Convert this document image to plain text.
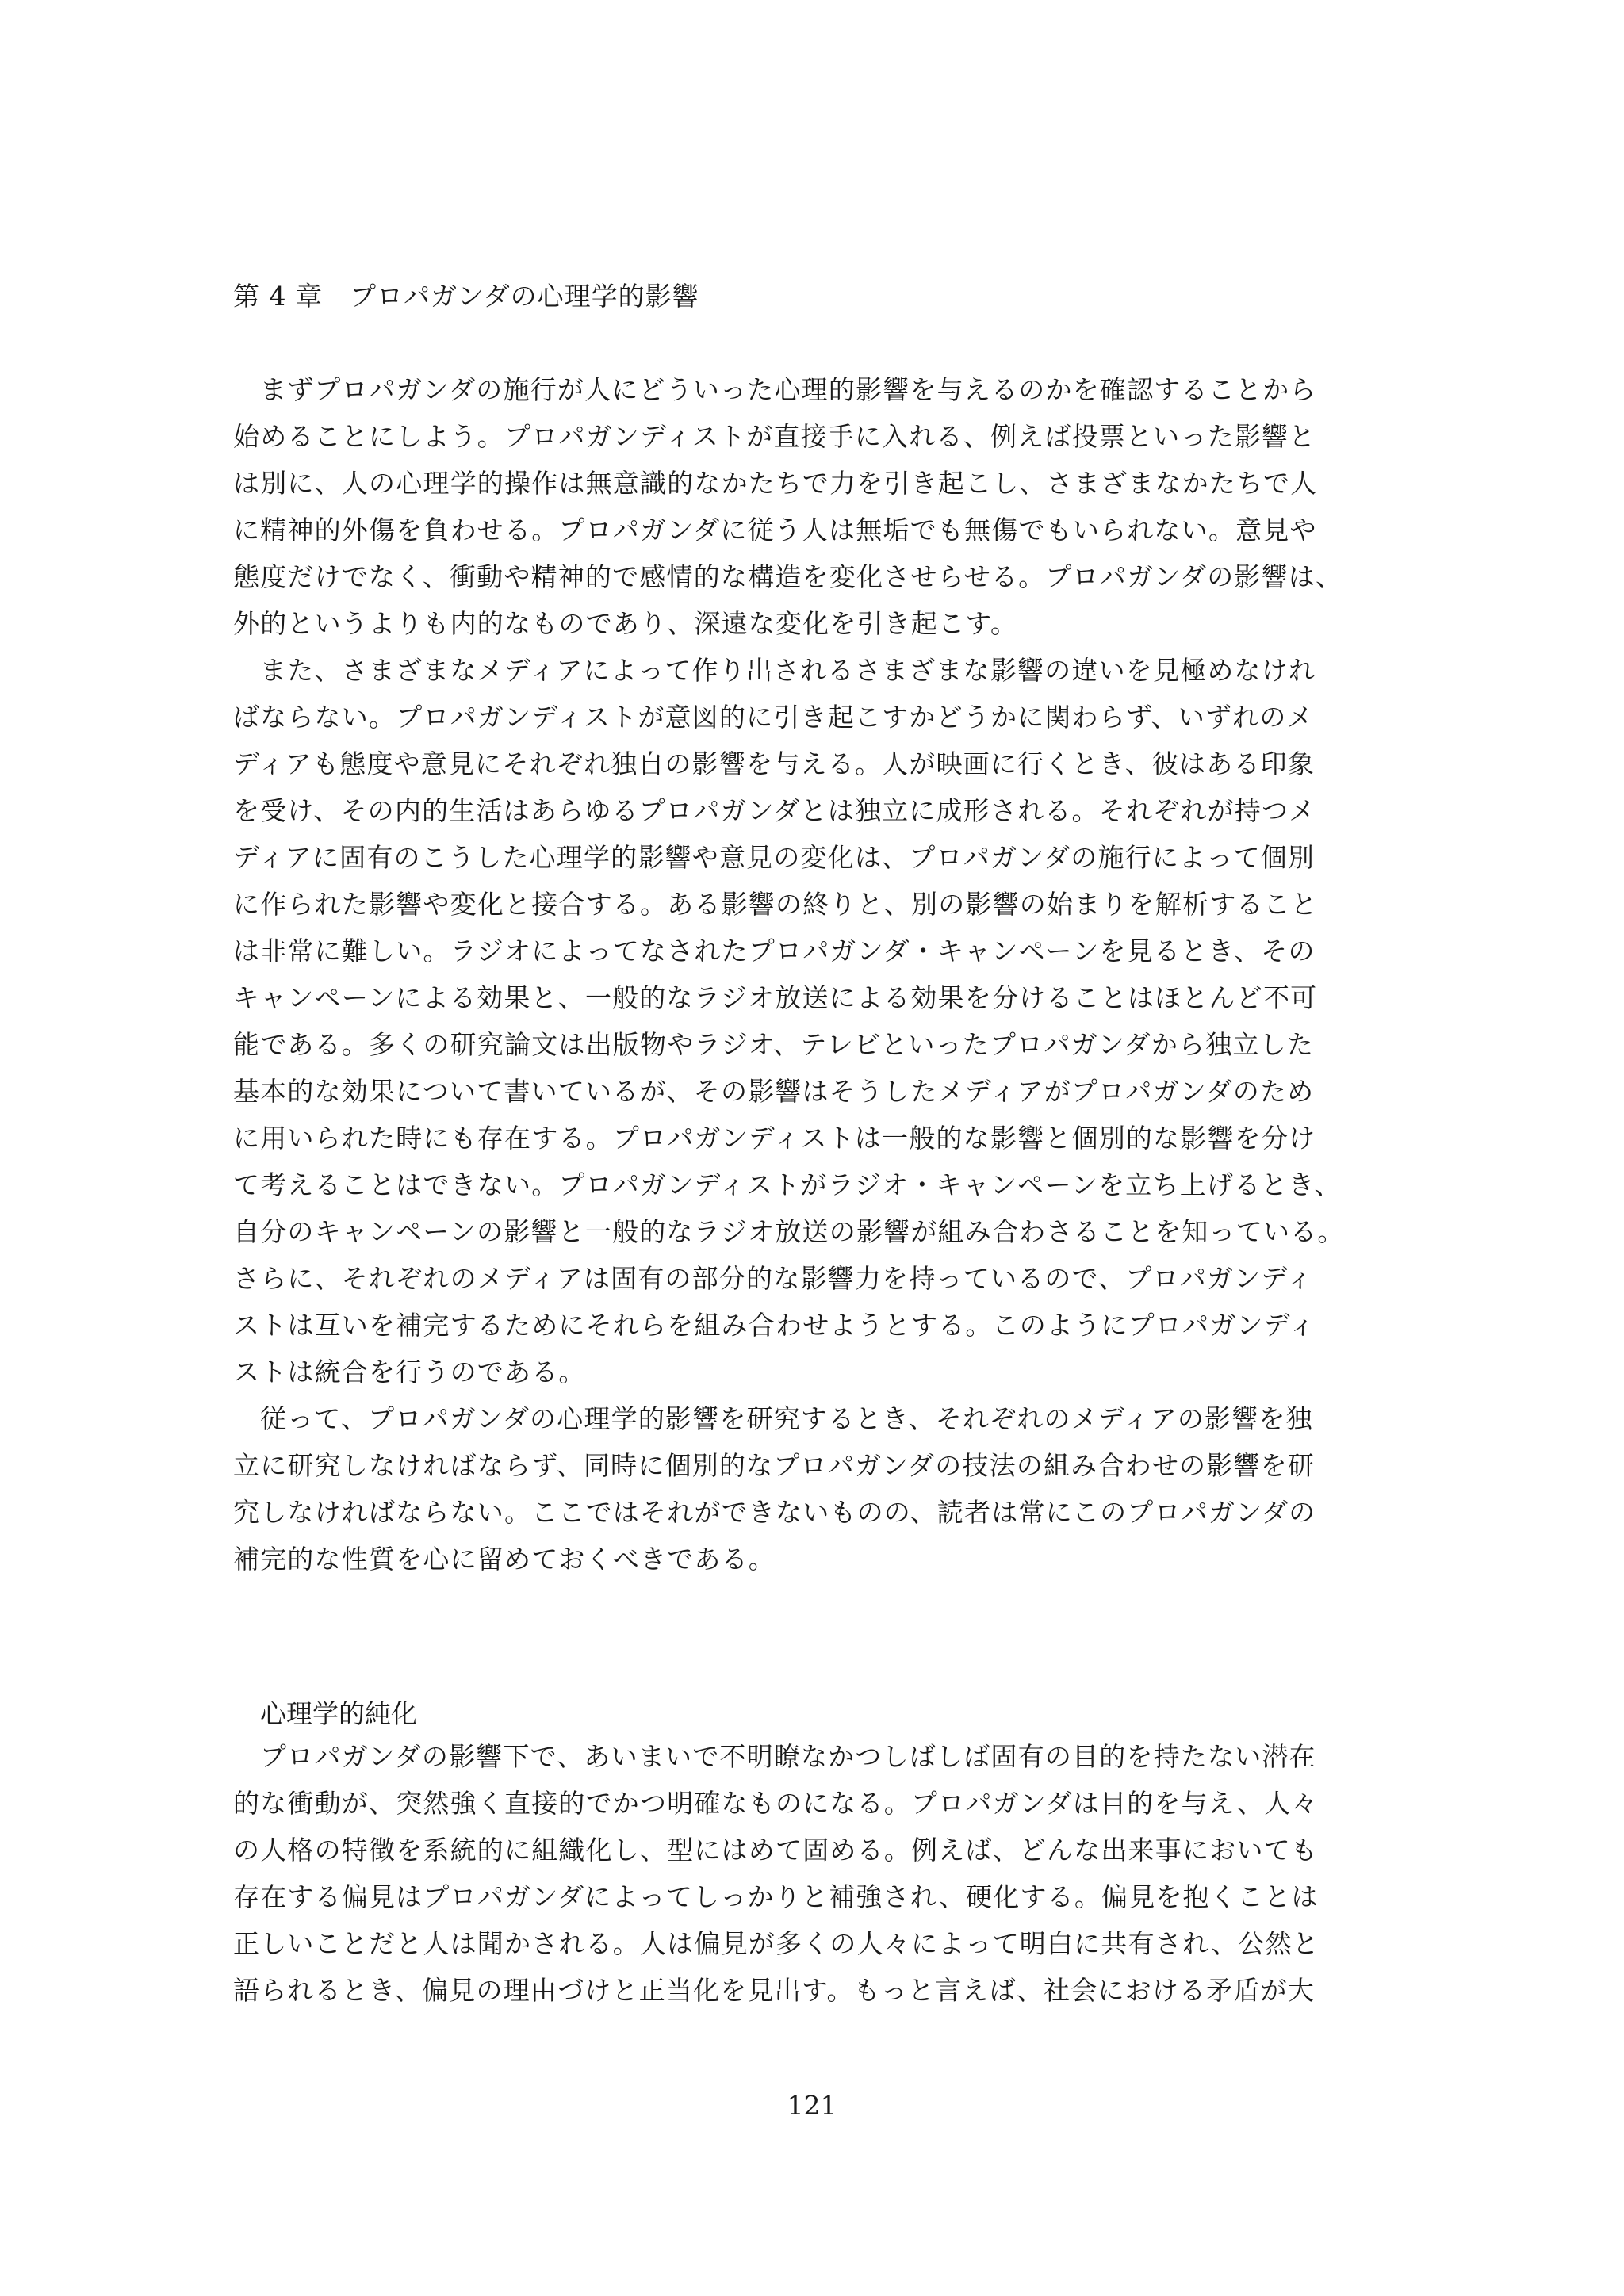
第 4 章　プロパガンダの心理学的影響
まずプロパガンダの施行が人にどういった心理的影響を与えるのかを確認することから
始めることにしよう。プロパガンディストが直接手に入れる、例えば投票といった影響と
は別に、人の心理学的操作は無意識的なかたちで力を引き起こし、さまざまなかたちで人
に精神的外傷を負わせる。プロパガンダに従う人は無垢でも無傷でもいられない。意見や
態度だけでなく、衝動や精神的で感情的な構造を変化させらせる。プロパガンダの影響は、
外的というよりも内的なものであり、深遠な変化を引き起こす。
また、さまざまなメディアによって作り出されるさまざまな影響の違いを見極めなけれ
ばならない。プロパガンディストが意図的に引き起こすかどうかに関わらず、いずれのメ
ディアも態度や意見にそれぞれ独自の影響を与える。人が映画に行くとき、彼はある印象
を受け、その内的生活はあらゆるプロパガンダとは独立に成形される。それぞれが持つメ
ディアに固有のこうした心理学的影響や意見の変化は、プロパガンダの施行によって個別
に作られた影響や変化と接合する。ある影響の終りと、別の影響の始まりを解析すること
は非常に難しい。ラジオによってなされたプロパガンダ・キャンペーンを見るとき、その
キャンペーンによる効果と、一般的なラジオ放送による効果を分けることはほとんど不可
能である。多くの研究論文は出版物やラジオ、テレビといったプロパガンダから独立した
基本的な効果について書いているが、その影響はそうしたメディアがプロパガンダのため
に用いられた時にも存在する。プロパガンディストは一般的な影響と個別的な影響を分け
て考えることはできない。プロパガンディストがラジオ・キャンペーンを立ち上げるとき、
自分のキャンペーンの影響と一般的なラジオ放送の影響が組み合わさることを知っている。
さらに、それぞれのメディアは固有の部分的な影響力を持っているので、プロパガンディ
ストは互いを補完するためにそれらを組み合わせようとする。このようにプロパガンディ
ストは統合を行うのである。
従って、プロパガンダの心理学的影響を研究するとき、それぞれのメディアの影響を独
立に研究しなければならず、同時に個別的なプロパガンダの技法の組み合わせの影響を研
究しなければならない。ここではそれができないものの、読者は常にこのプロパガンダの
補完的な性質を心に留めておくべきである。
心理学的純化
プロパガンダの影響下で、あいまいで不明瞭なかつしばしば固有の目的を持たない潜在
的な衝動が、突然強く直接的でかつ明確なものになる。プロパガンダは目的を与え、人々
の人格の特徴を系統的に組織化し、型にはめて固める。例えば、どんな出来事においても
存在する偏見はプロパガンダによってしっかりと補強され、硬化する。偏見を抱くことは
正しいことだと人は聞かされる。人は偏見が多くの人々によって明白に共有され、公然と
語られるとき、偏見の理由づけと正当化を見出す。もっと言えば、社会における矛盾が大
121
